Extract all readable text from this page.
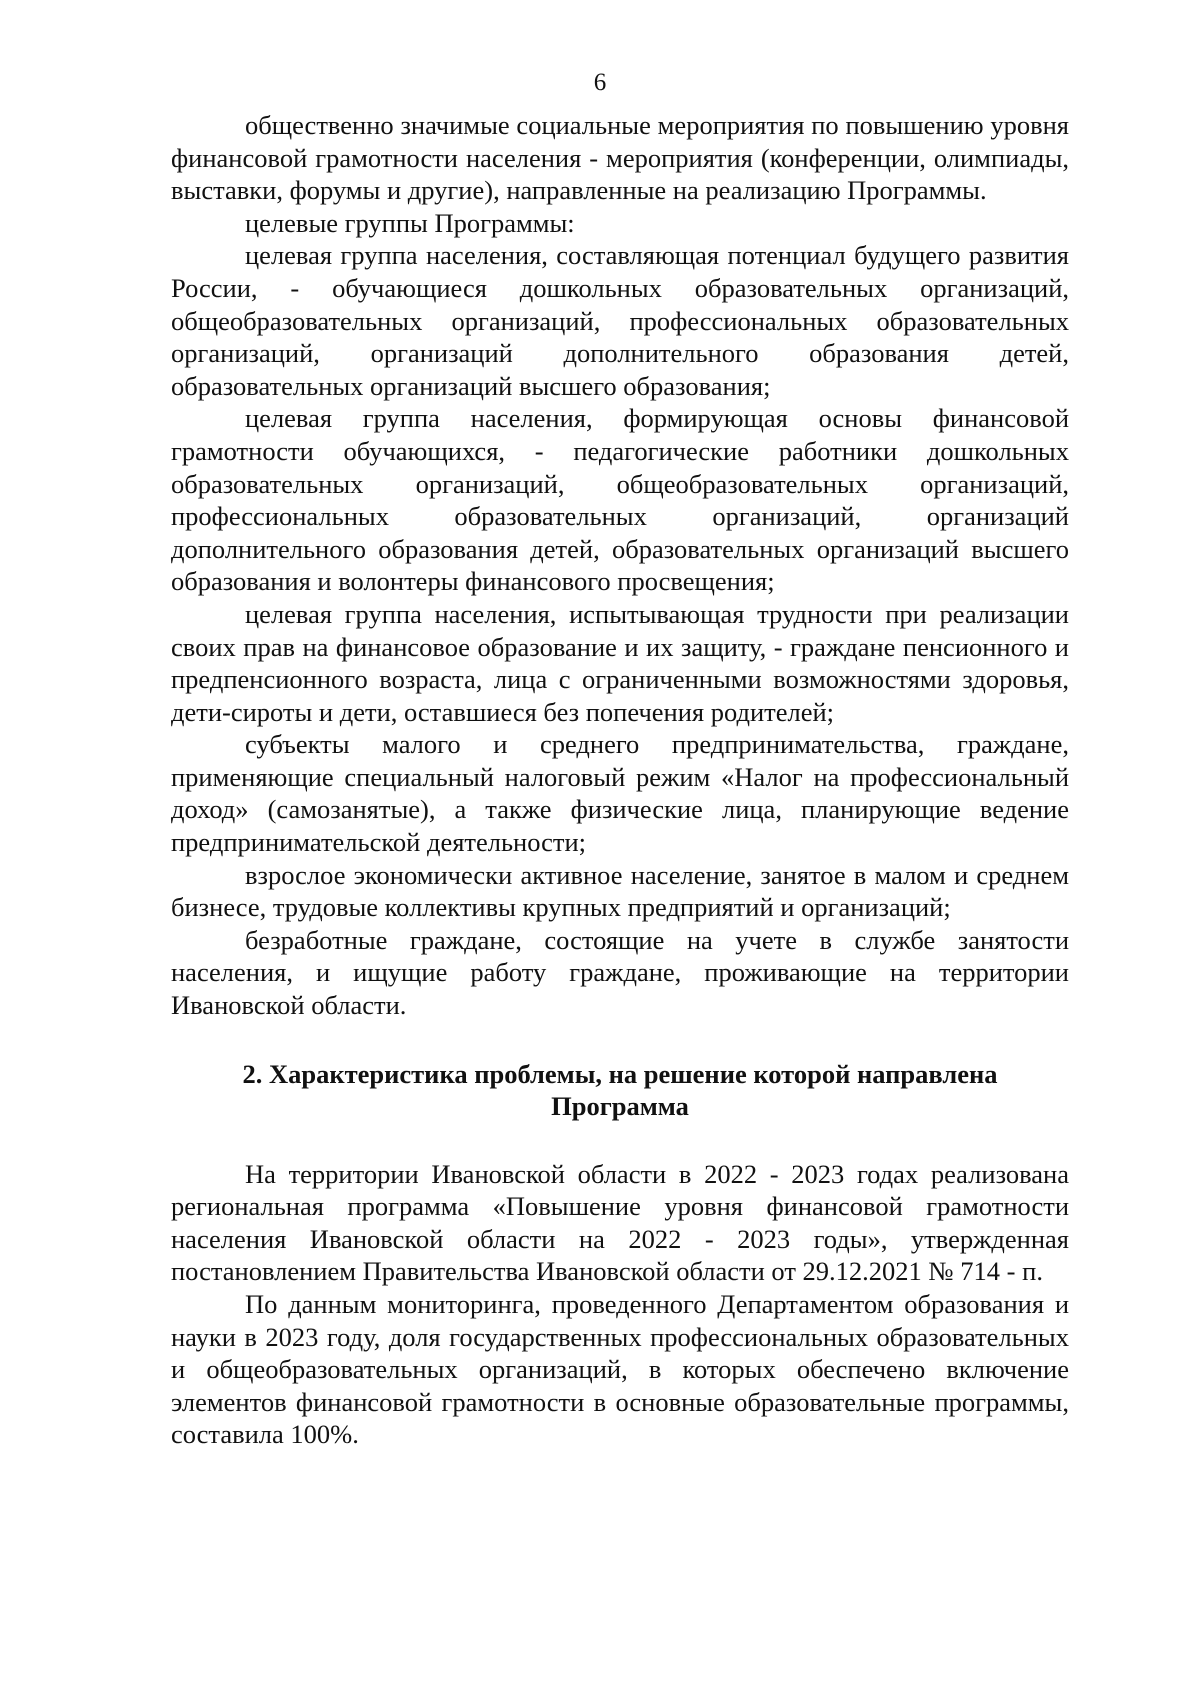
6

общественно значимые социальные мероприятия по повышению уровня финансовой грамотности населения - мероприятия (конференции, олимпиады, выставки, форумы и другие), направленные на реализацию Программы.

целевые группы Программы:

целевая группа населения, составляющая потенциал будущего развития России, - обучающиеся дошкольных образовательных организаций, общеобразовательных организаций, профессиональных образовательных организаций, организаций дополнительного образования детей, образовательных организаций высшего образования;

целевая группа населения, формирующая основы финансовой грамотности обучающихся, - педагогические работники дошкольных образовательных организаций, общеобразовательных организаций, профессиональных образовательных организаций, организаций дополнительного образования детей, образовательных организаций высшего образования и волонтеры финансового просвещения;

целевая группа населения, испытывающая трудности при реализации своих прав на финансовое образование и их защиту, - граждане пенсионного и предпенсионного возраста, лица с ограниченными возможностями здоровья, дети-сироты и дети, оставшиеся без попечения родителей;

субъекты малого и среднего предпринимательства, граждане, применяющие специальный налоговый режим «Налог на профессиональный доход» (самозанятые), а также физические лица, планирующие ведение предпринимательской деятельности;

взрослое экономически активное население, занятое в малом и среднем бизнесе, трудовые коллективы крупных предприятий и организаций;

безработные граждане, состоящие на учете в службе занятости населения, и ищущие работу граждане, проживающие на территории Ивановской области.

2. Характеристика проблемы, на решение которой направлена
Программа

На территории Ивановской области в 2022 - 2023 годах реализована региональная программа «Повышение уровня финансовой грамотности населения Ивановской области на 2022 - 2023 годы», утвержденная постановлением Правительства Ивановской области от 29.12.2021 № 714 - п.

По данным мониторинга, проведенного Департаментом образования и науки в 2023 году, доля государственных профессиональных образовательных и общеобразовательных организаций, в которых обеспечено включение элементов финансовой грамотности в основные образовательные программы, составила 100%.
